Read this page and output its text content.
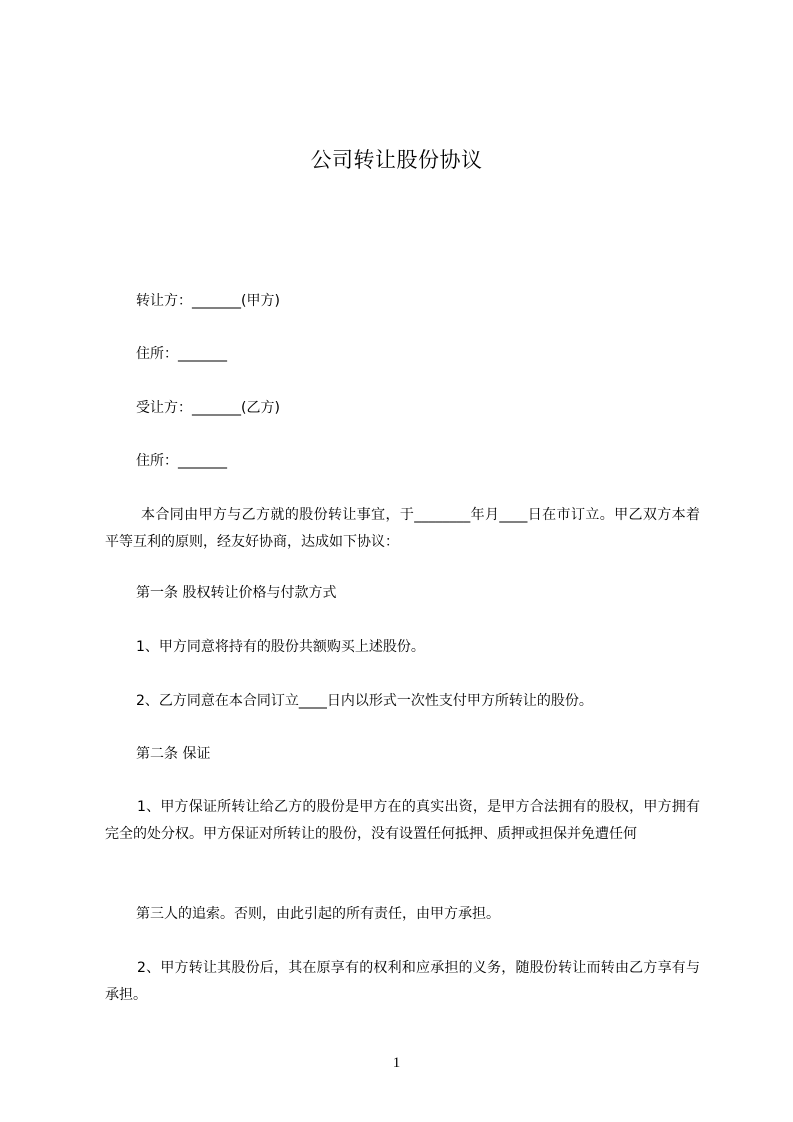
公司转让股份协议
转让方：_______(甲方)
住所：_______
受让方：_______(乙方)
住所：_______
本合同由甲方与乙方就的股份转让事宜，于________年月____日在市订立。甲乙双方本着平等互利的原则，经友好协商，达成如下协议：
第一条 股权转让价格与付款方式
1、甲方同意将持有的股份共额购买上述股份。
2、乙方同意在本合同订立____日内以形式一次性支付甲方所转让的股份。
第二条 保证
1、甲方保证所转让给乙方的股份是甲方在的真实出资，是甲方合法拥有的股权，甲方拥有完全的处分权。甲方保证对所转让的股份，没有设置任何抵押、质押或担保并免遭任何
第三人的追索。否则，由此引起的所有责任，由甲方承担。
2、甲方转让其股份后，其在原享有的权利和应承担的义务，随股份转让而转由乙方享有与承担。
1
